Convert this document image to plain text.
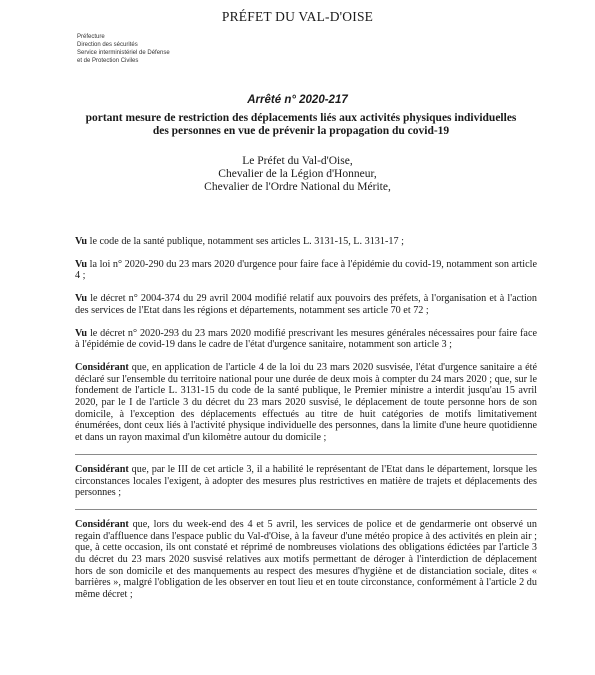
PRÉFET DU VAL-D'OISE
Préfecture
Direction des sécurités
Service interministériel de Défense
et de Protection Civiles
Arrêté n° 2020-217
portant mesure de restriction des déplacements liés aux activités physiques individuelles
des personnes en vue de prévenir la propagation du covid-19
Le Préfet du Val-d'Oise,
Chevalier de la Légion d'Honneur,
Chevalier de l'Ordre National du Mérite,

Vu le code de la santé publique, notamment ses articles L. 3131-15, L. 3131-17 ;

Vu la loi n° 2020-290 du 23 mars 2020 d'urgence pour faire face à l'épidémie du covid-19, notamment son article 4 ;

Vu le décret n° 2004-374 du 29 avril 2004 modifié relatif aux pouvoirs des préfets, à l'organisation et à l'action des services de l'Etat dans les régions et départements, notamment ses article 70 et 72 ;

Vu le décret n° 2020-293 du 23 mars 2020 modifié prescrivant les mesures générales nécessaires pour faire face à l'épidémie de covid-19 dans le cadre de l'état d'urgence sanitaire, notamment son article 3 ;

Considérant que, en application de l'article 4 de la loi du 23 mars 2020 susvisée, l'état d'urgence sanitaire a été déclaré sur l'ensemble du territoire national pour une durée de deux mois à compter du 24 mars 2020 ; que, sur le fondement de l'article L. 3131-15 du code de la santé publique, le Premier ministre a interdit jusqu'au 15 avril 2020, par le I de l'article 3 du décret du 23 mars 2020 susvisé, le déplacement de toute personne hors de son domicile, à l'exception des déplacements effectués au titre de huit catégories de motifs limitativement énumérées, dont ceux liés à l'activité physique individuelle des personnes, dans la limite d'une heure quotidienne et dans un rayon maximal d'un kilomètre autour du domicile ;

Considérant que, par le III de cet article 3, il a habilité le représentant de l'Etat dans le département, lorsque les circonstances locales l'exigent, à adopter des mesures plus restrictives en matière de trajets et déplacements des personnes ;

Considérant que, lors du week-end des 4 et 5 avril, les services de police et de gendarmerie ont observé un regain d'affluence dans l'espace public du Val-d'Oise, à la faveur d'une météo propice à des activités en plein air ; que, à cette occasion, ils ont constaté et réprimé de nombreuses violations des obligations édictées par l'article 3 du décret du 23 mars 2020 susvisé relatives aux motifs permettant de déroger à l'interdiction de déplacement hors de son domicile et des manquements au respect des mesures d'hygiène et de distanciation sociale, dites « barrières », malgré l'obligation de les observer en tout lieu et en toute circonstance, conformément à l'article 2 du même décret ;
